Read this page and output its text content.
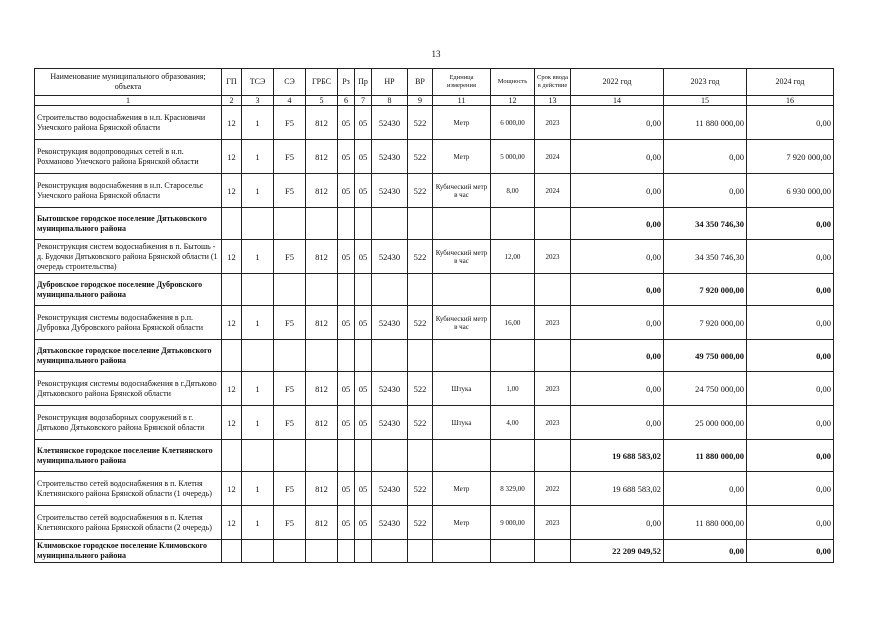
13
Наименование муниципального образования; объекта	ГП	ТСЭ	СЭ	ГРБС	Рз	Пр	НР	ВР	Единица измерения	Мощность	Срок ввода в действие	2022 год	2023 год	2024 год
1	2	3	4	5	6	7	8	9	11	12	13	14	15	16
Строительство водоснабжения в н.п. Красновичи Унечского района Брянской области	12	1	F5	812	05	05	52430	522	Метр	6 000,00	2023	0,00	11 880 000,00	0,00
Реконструкция водопроводных сетей в н.п. Рохманово Унечского района Брянской области	12	1	F5	812	05	05	52430	522	Метр	5 000,00	2024	0,00	0,00	7 920 000,00
Реконструкция водоснабжения в н.п. Старосельє Унечского района Брянской области	12	1	F5	812	05	05	52430	522	Кубический метр в час	8,00	2024	0,00	0,00	6 930 000,00
Бытошское городское поселение Дятьковского муниципального района												0,00	34 350 746,30	0,00
Реконструкция систем водоснабжения в п. Бытошь - д. Будочки Дятьковского района Брянской области (1 очередь строительства)	12	1	F5	812	05	05	52430	522	Кубический метр в час	12,00	2023	0,00	34 350 746,30	0,00
Дубровское городское поселение Дубровского муниципального района												0,00	7 920 000,00	0,00
Реконструкция системы водоснабжения в р.п. Дубровка Дубровского района Брянской области	12	1	F5	812	05	05	52430	522	Кубический метр в час	16,00	2023	0,00	7 920 000,00	0,00
Дятьковское городское поселение Дятьковского муниципального района												0,00	49 750 000,00	0,00
Реконструкция системы водоснабжения в г.Дятьково Дятьковского района Брянской области	12	1	F5	812	05	05	52430	522	Штука	1,00	2023	0,00	24 750 000,00	0,00
Реконструкция водозаборных сооружений в г. Дятьково Дятьковского района Брянской области	12	1	F5	812	05	05	52430	522	Штука	4,00	2023	0,00	25 000 000,00	0,00
Клетнянское городское поселение Клетнянского муниципального района												19 688 583,02	11 880 000,00	0,00
Строительство сетей водоснабжения в п. Клетня Клетнянского района Брянской области (1 очередь)	12	1	F5	812	05	05	52430	522	Метр	8 329,00	2022	19 688 583,02	0,00	0,00
Строительство сетей водоснабжения в п. Клетня Клетнянского района Брянской области (2 очередь)	12	1	F5	812	05	05	52430	522	Метр	9 000,00	2023	0,00	11 880 000,00	0,00
Климовское городское поселение Климовского муниципального района												22 209 049,52	0,00	0,00
